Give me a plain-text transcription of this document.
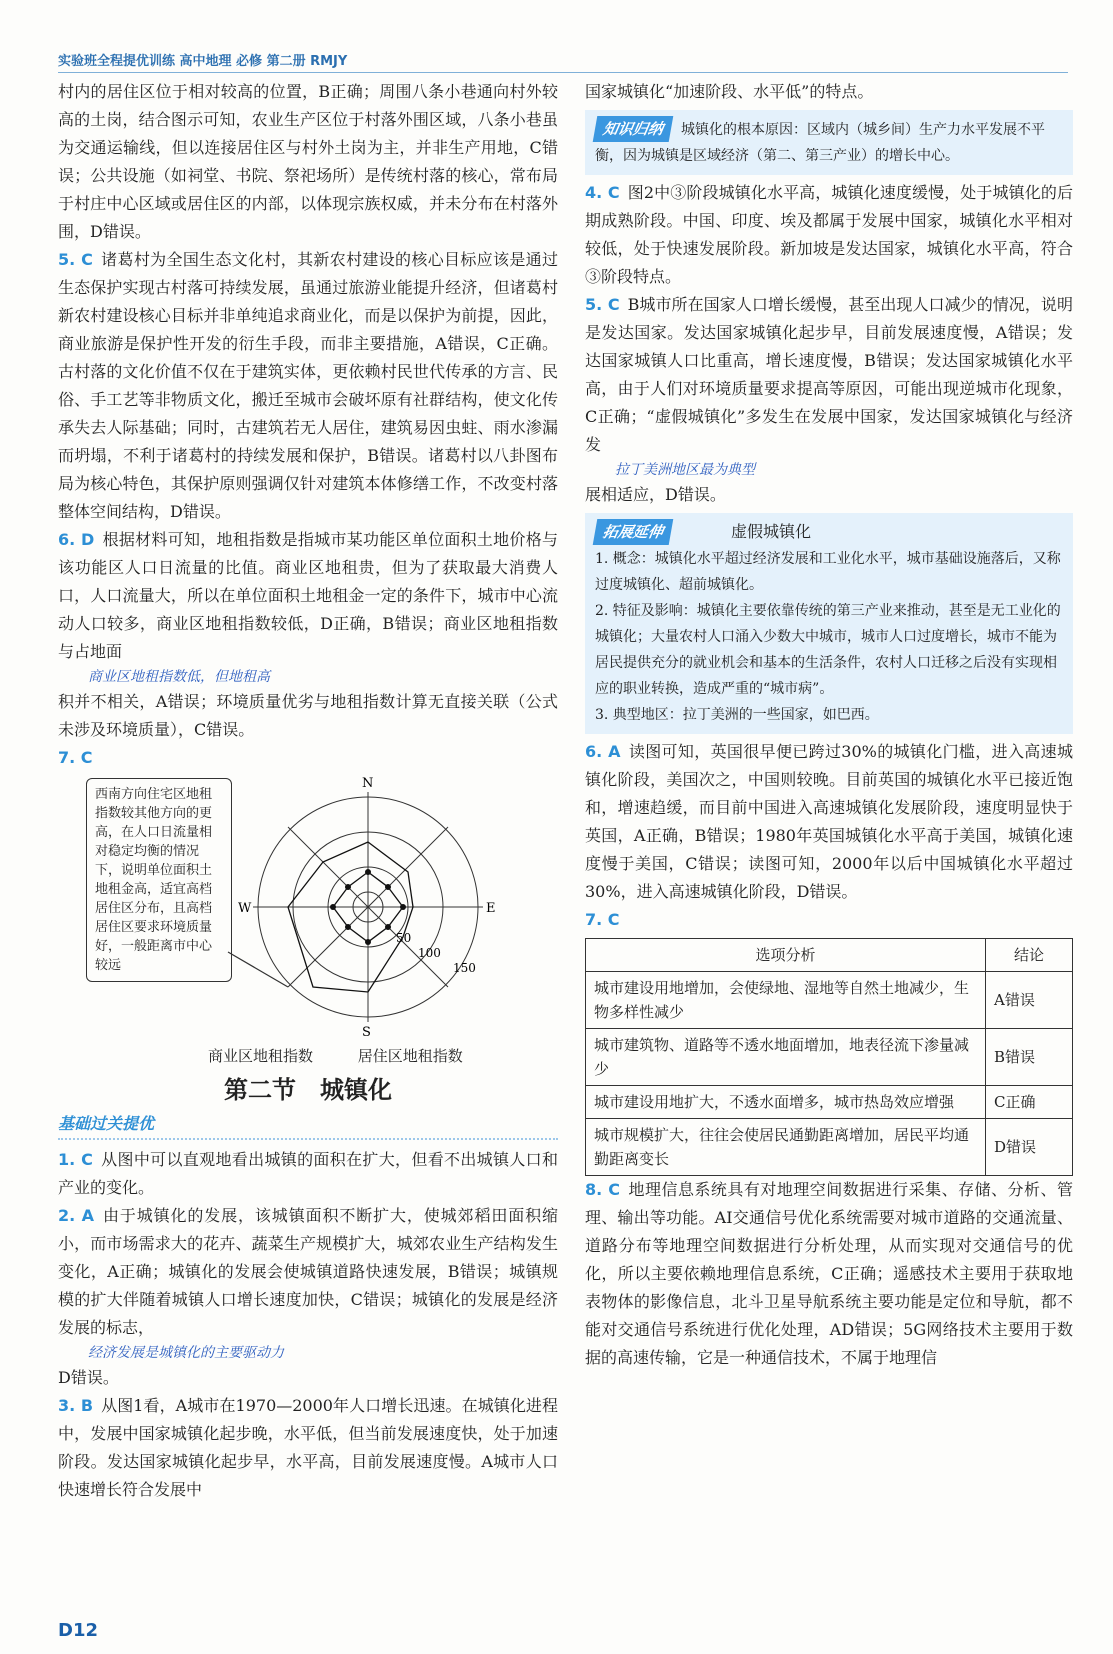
实验班全程提优训练 高中地理 必修 第二册 RMJY

村内的居住区位于相对较高的位置，B正确；周围八条小巷通向村外较高的土岗，结合图示可知，农业生产区位于村落外围区域，八条小巷虽为交通运输线，但以连接居住区与村外土岗为主，并非生产用地，C错误；公共设施（如祠堂、书院、祭祀场所）是传统村落的核心，常布局于村庄中心区域或居住区的内部，以体现宗族权威，并未分布在村落外围，D错误。

5. C 诸葛村为全国生态文化村，其新农村建设的核心目标应该是通过生态保护实现古村落可持续发展，虽通过旅游业能提升经济，但诸葛村新农村建设核心目标并非单纯追求商业化，而是以保护为前提，因此，商业旅游是保护性开发的衍生手段，而非主要措施，A错误，C正确。古村落的文化价值不仅在于建筑实体，更依赖村民世代传承的方言、民俗、手工艺等非物质文化，搬迁至城市会破坏原有社群结构，使文化传承失去人际基础；同时，古建筑若无人居住，建筑易因虫蛀、雨水渗漏而坍塌，不利于诸葛村的持续发展和保护，B错误。诸葛村以八卦图布局为核心特色，其保护原则强调仅针对建筑本体修缮工作，不改变村落整体空间结构，D错误。

6. D 根据材料可知，地租指数是指城市某功能区单位面积土地价格与该功能区人口日流量的比值。商业区地租贵，但为了获取最大消费人口，人口流量大，所以在单位面积土地租金一定的条件下，城市中心流动人口较多，商业区地租指数较低，D正确，B错误；商业区地租指数与占地面

商业区地租指数低，但地租高

积并不相关，A错误；环境质量优劣与地租指数计算无直接关联（公式未涉及环境质量），C错误。

7. C

西南方向住宅区地租指数较其他方向的更高，在人口日流量相对稳定均衡的情况下，说明单位面积土地租金高，适宜高档居住区分布，且高档居住区要求环境质量好，一般距离市中心较远
N
S
E
W
50
100
150
商业区地租指数	居住区地租指数
第二节　城镇化
基础过关提优

1. C 从图中可以直观地看出城镇的面积在扩大，但看不出城镇人口和产业的变化。

2. A 由于城镇化的发展，该城镇面积不断扩大，使城郊稻田面积缩小，而市场需求大的花卉、蔬菜生产规模扩大，城郊农业生产结构发生变化，A正确；城镇化的发展会使城镇道路快速发展，B错误；城镇规模的扩大伴随着城镇人口增长速度加快，C错误；城镇化的发展是经济发展的标志，

经济发展是城镇化的主要驱动力

D错误。

3. B 从图1看，A城市在1970—2000年人口增长迅速。在城镇化进程中，发展中国家城镇化起步晚，水平低，但当前发展速度快，处于加速阶段。发达国家城镇化起步早，水平高，目前发展速度慢。A城市人口快速增长符合发展中

国家城镇化“加速阶段、水平低”的特点。

知识归纳 城镇化的根本原因：区域内（城乡间）生产力水平发展不平衡，因为城镇是区域经济（第二、第三产业）的增长中心。

4. C 图2中③阶段城镇化水平高，城镇化速度缓慢，处于城镇化的后期成熟阶段。中国、印度、埃及都属于发展中国家，城镇化水平相对较低，处于快速发展阶段。新加坡是发达国家，城镇化水平高，符合③阶段特点。

5. C B城市所在国家人口增长缓慢，甚至出现人口减少的情况，说明是发达国家。发达国家城镇化起步早，目前发展速度慢，A错误；发达国家城镇人口比重高，增长速度慢，B错误；发达国家城镇化水平高，由于人们对环境质量要求提高等原因，可能出现逆城市化现象，C正确；“虚假城镇化”多发生在发展中国家，发达国家城镇化与经济发

拉丁美洲地区最为典型

展相适应，D错误。

拓展延伸	虚假城镇化
1. 概念：城镇化水平超过经济发展和工业化水平，城市基础设施落后，又称过度城镇化、超前城镇化。
2. 特征及影响：城镇化主要依靠传统的第三产业来推动，甚至是无工业化的城镇化；大量农村人口涌入少数大中城市，城市人口过度增长，城市不能为居民提供充分的就业机会和基本的生活条件，农村人口迁移之后没有实现相应的职业转换，造成严重的“城市病”。
3. 典型地区：拉丁美洲的一些国家，如巴西。

6. A 读图可知，英国很早便已跨过30%的城镇化门槛，进入高速城镇化阶段，美国次之，中国则较晚。目前英国的城镇化水平已接近饱和，增速趋缓，而目前中国进入高速城镇化发展阶段，速度明显快于英国，A正确，B错误；1980年英国城镇化水平高于美国，城镇化速度慢于美国，C错误；读图可知，2000年以后中国城镇化水平超过30%，进入高速城镇化阶段，D错误。

7. C

选项分析	结论
城市建设用地增加，会使绿地、湿地等自然土地减少，生物多样性减少	A错误
城市建筑物、道路等不透水地面增加，地表径流下渗量减少	B错误
城市建设用地扩大，不透水面增多，城市热岛效应增强	C正确
城市规模扩大，往往会使居民通勤距离增加，居民平均通勤距离变长	D错误

8. C 地理信息系统具有对地理空间数据进行采集、存储、分析、管理、输出等功能。AI交通信号优化系统需要对城市道路的交通流量、道路分布等地理空间数据进行分析处理，从而实现对交通信号的优化，所以主要依赖地理信息系统，C正确；遥感技术主要用于获取地表物体的影像信息，北斗卫星导航系统主要功能是定位和导航，都不能对交通信号系统进行优化处理，AD错误；5G网络技术主要用于数据的高速传输，它是一种通信技术，不属于地理信

D12
